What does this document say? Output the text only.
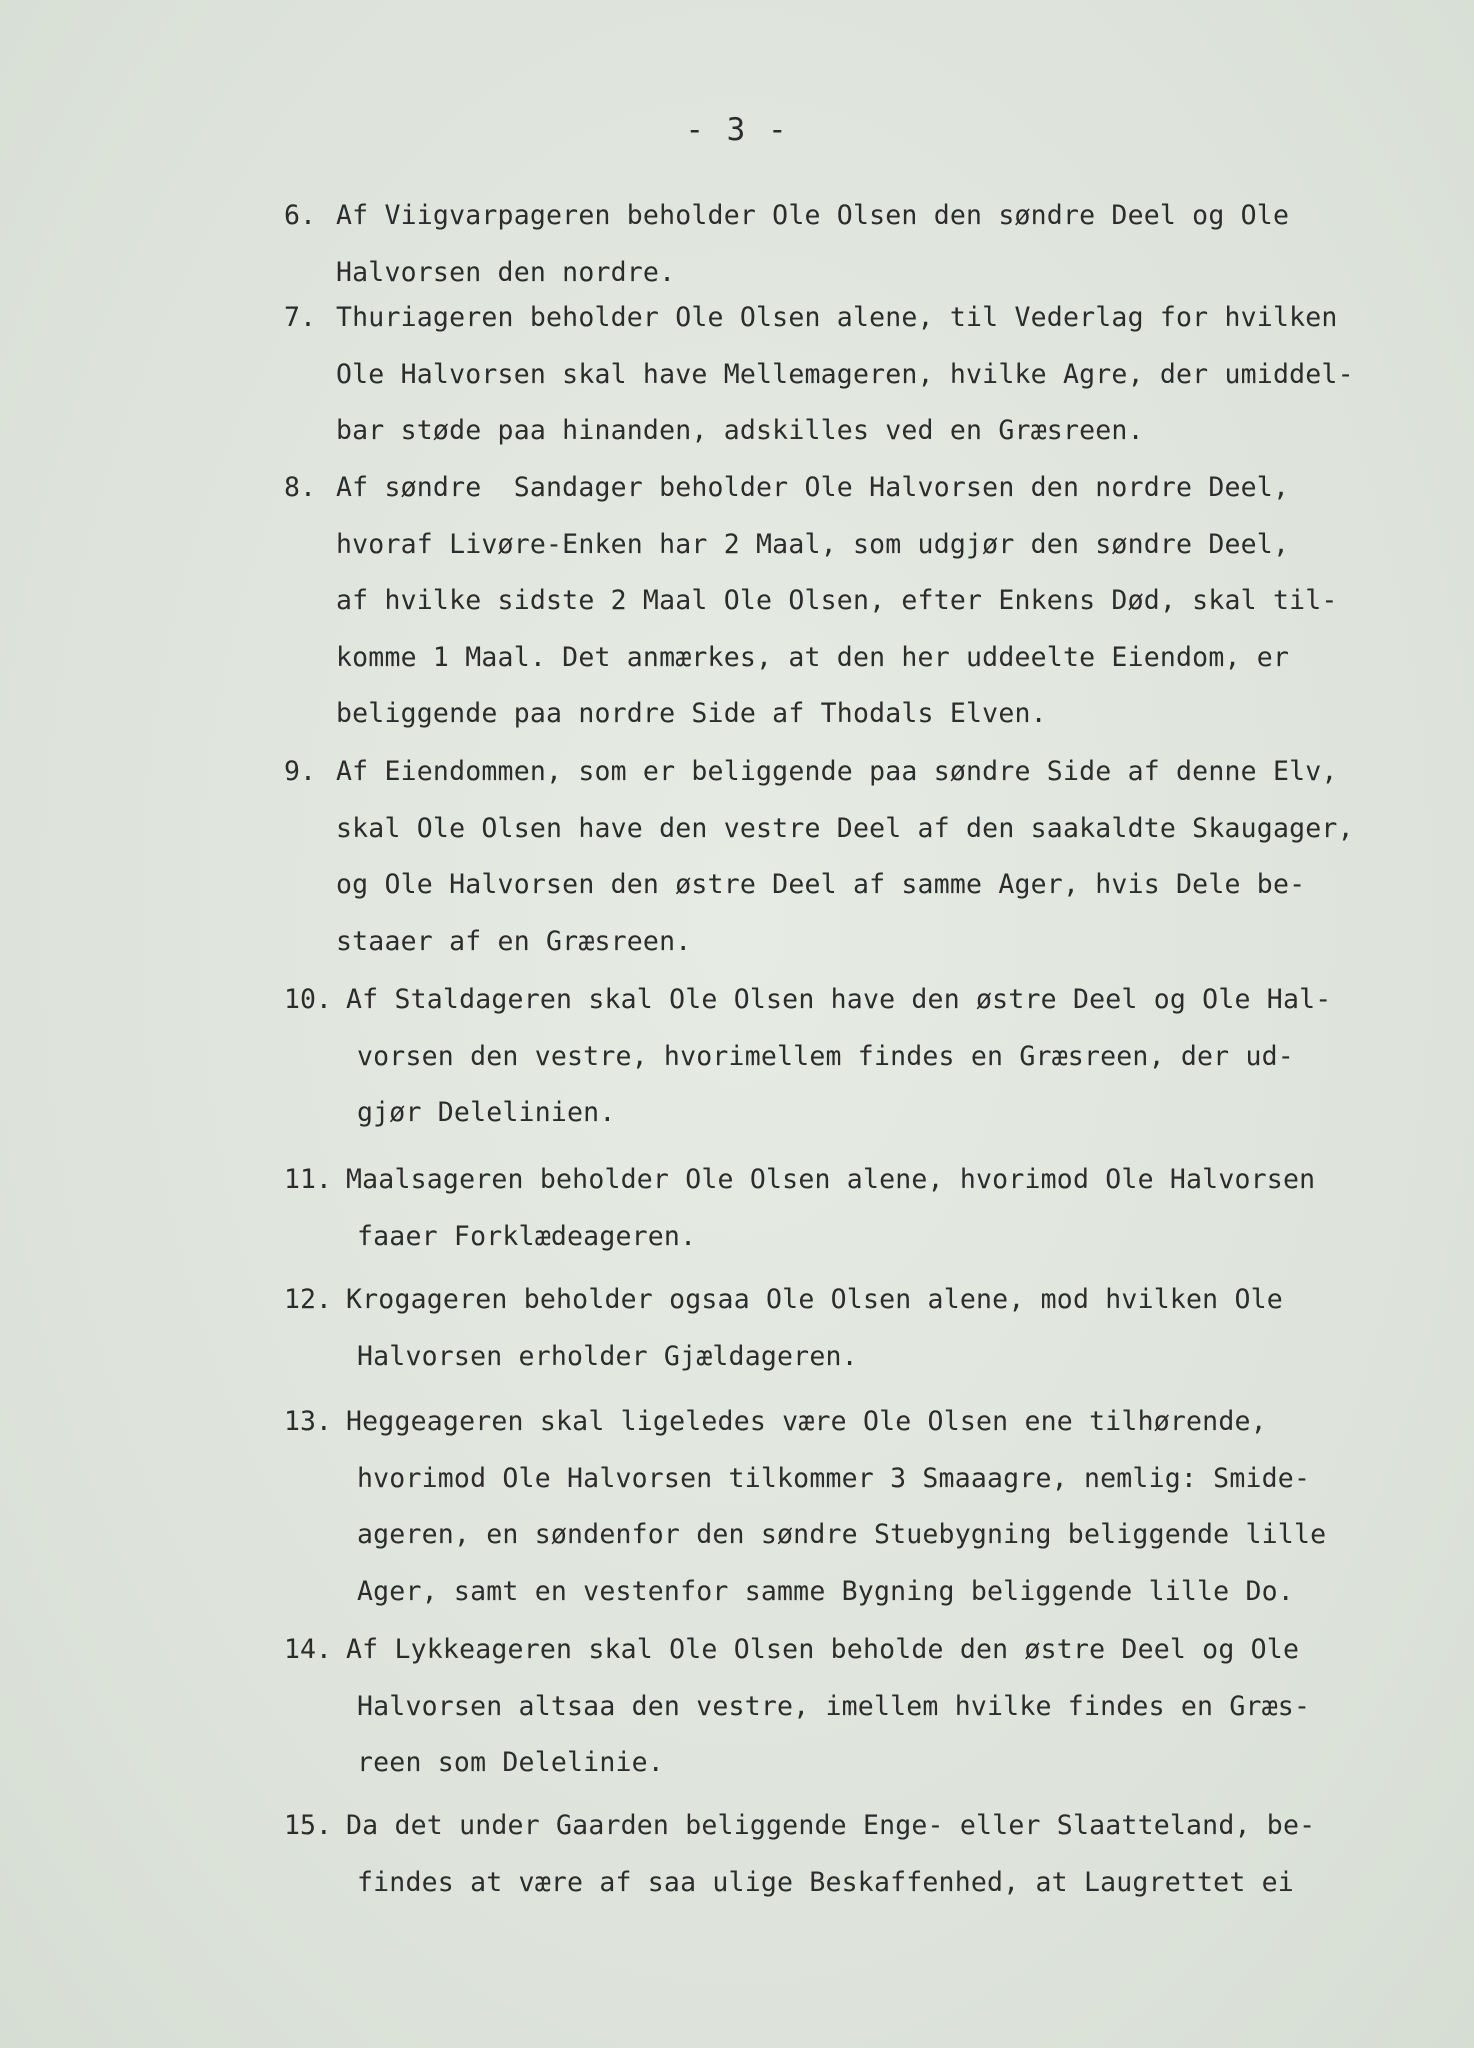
- 3 -
6. Af Viigvarpageren beholder Ole Olsen den søndre Deel og Ole
Halvorsen den nordre.
7. Thuriageren beholder Ole Olsen alene, til Vederlag for hvilken
Ole Halvorsen skal have Mellemageren, hvilke Agre, der umiddel-
bar støde paa hinanden, adskilles ved en Græsreen.
8. Af søndre  Sandager beholder Ole Halvorsen den nordre Deel,
hvoraf Livøre-Enken har 2 Maal, som udgjør den søndre Deel,
af hvilke sidste 2 Maal Ole Olsen, efter Enkens Død, skal til-
komme 1 Maal. Det anmærkes, at den her uddeelte Eiendom, er
beliggende paa nordre Side af Thodals Elven.
9. Af Eiendommen, som er beliggende paa søndre Side af denne Elv,
skal Ole Olsen have den vestre Deel af den saakaldte Skaugager,
og Ole Halvorsen den østre Deel af samme Ager, hvis Dele be-
staaer af en Græsreen.
10. Af Staldageren skal Ole Olsen have den østre Deel og Ole Hal-
vorsen den vestre, hvorimellem findes en Græsreen, der ud-
gjør Delelinien.
11. Maalsageren beholder Ole Olsen alene, hvorimod Ole Halvorsen
faaer Forklædeageren.
12. Krogageren beholder ogsaa Ole Olsen alene, mod hvilken Ole
Halvorsen erholder Gjældageren.
13. Heggeageren skal ligeledes være Ole Olsen ene tilhørende,
hvorimod Ole Halvorsen tilkommer 3 Smaaagre, nemlig: Smide-
ageren, en søndenfor den søndre Stuebygning beliggende lille
Ager, samt en vestenfor samme Bygning beliggende lille Do.
14. Af Lykkeageren skal Ole Olsen beholde den østre Deel og Ole
Halvorsen altsaa den vestre, imellem hvilke findes en Græs-
reen som Delelinie.
15. Da det under Gaarden beliggende Enge- eller Slaatteland, be-
findes at være af saa ulige Beskaffenhed, at Laugrettet ei
